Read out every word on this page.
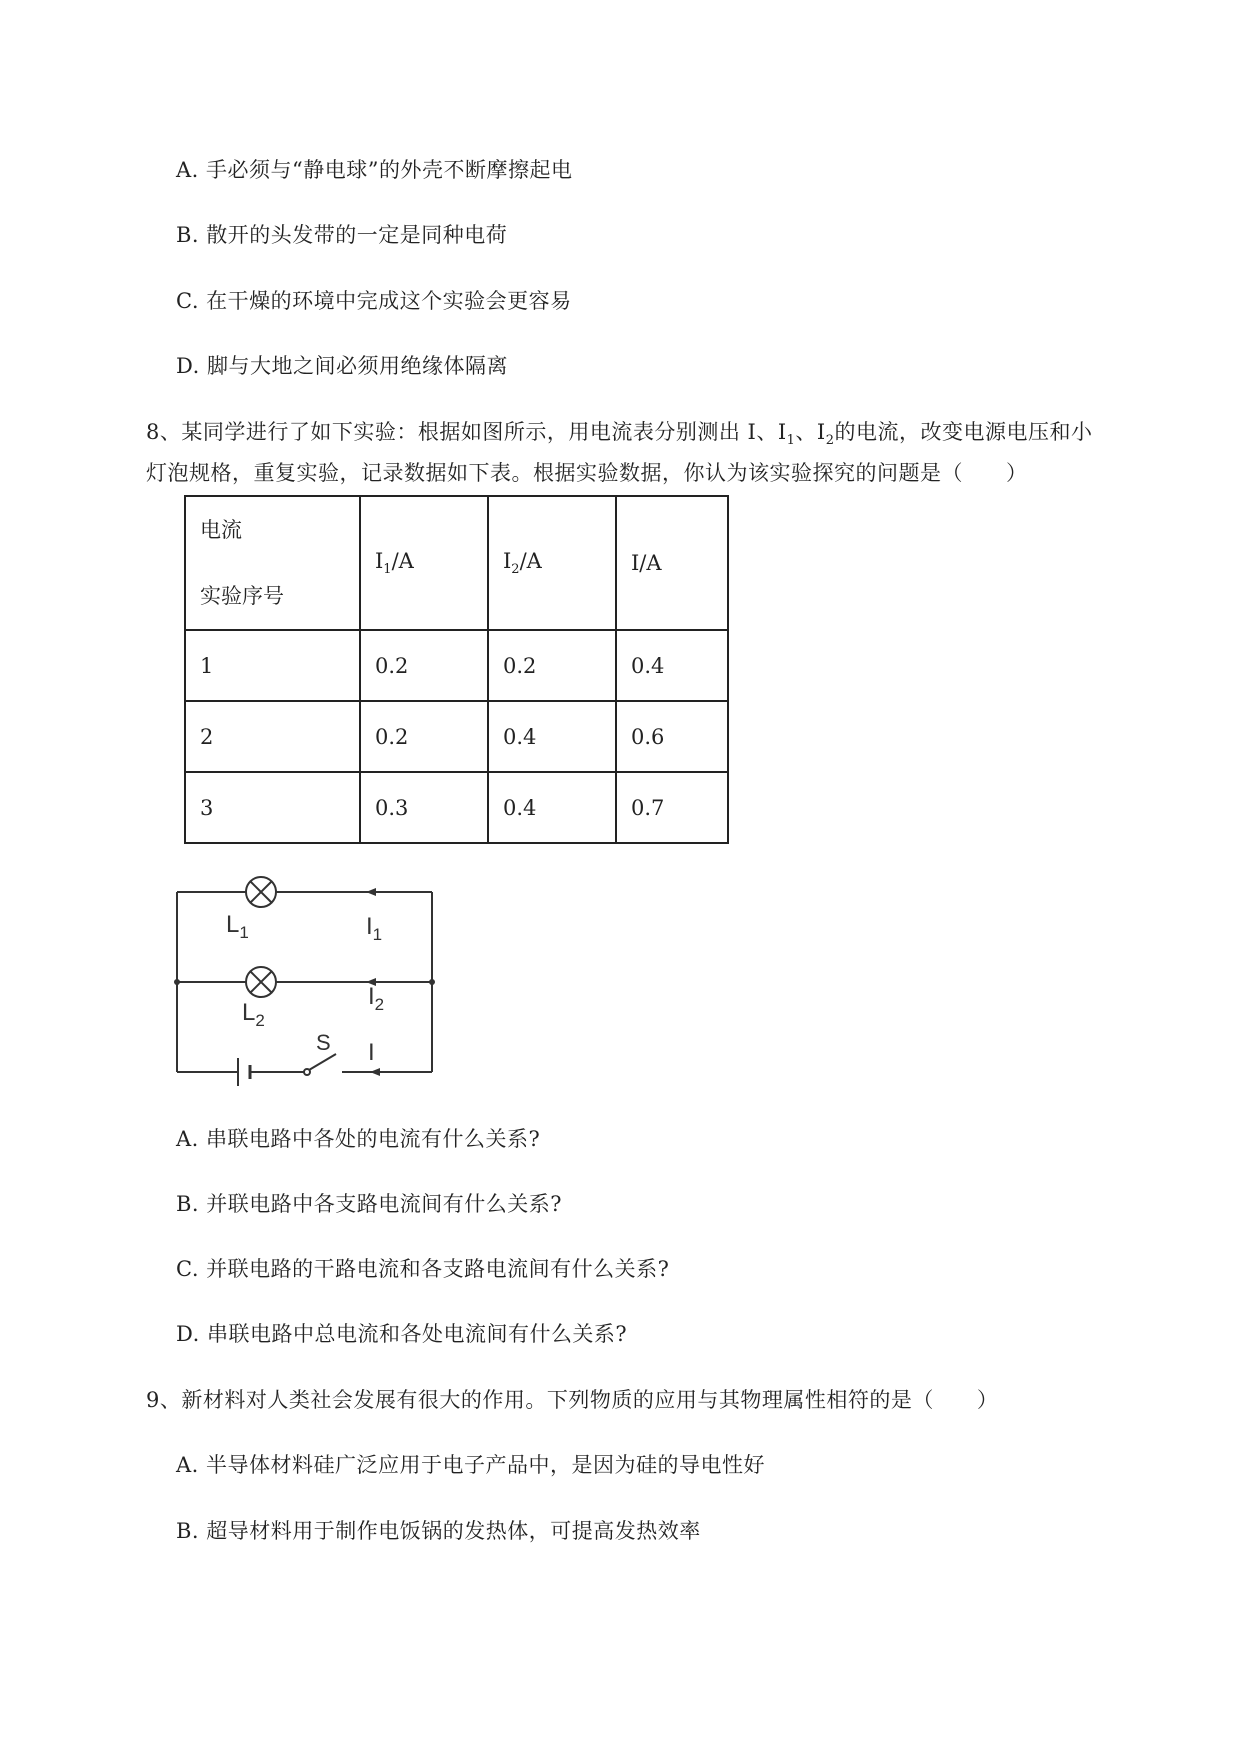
A. 手必须与“静电球”的外壳不断摩擦起电
B. 散开的头发带的一定是同种电荷
C. 在干燥的环境中完成这个实验会更容易
D. 脚与大地之间必须用绝缘体隔离
8、某同学进行了如下实验：根据如图所示，用电流表分别测出 I、$I_1$、$I_2$的电流，改变电源电压和小
灯泡规格，重复实验，记录数据如下表。根据实验数据，你认为该实验探究的问题是（　　）
电流
实验序号	$I_1/A$	$I_2/A$	I/A
1	0.2	0.2	0.4
2	0.2	0.4	0.6
3	0.3	0.4	0.7
$L_1$	$I_1$
$L_2$
$I_2$
S I
A. 串联电路中各处的电流有什么关系?
B. 并联电路中各支路电流间有什么关系?
C. 并联电路的干路电流和各支路电流间有什么关系?
D. 串联电路中总电流和各处电流间有什么关系?
9、新材料对人类社会发展有很大的作用。下列物质的应用与其物理属性相符的是（　　）
A. 半导体材料硅广泛应用于电子产品中，是因为硅的导电性好
B. 超导材料用于制作电饭锅的发热体，可提高发热效率
